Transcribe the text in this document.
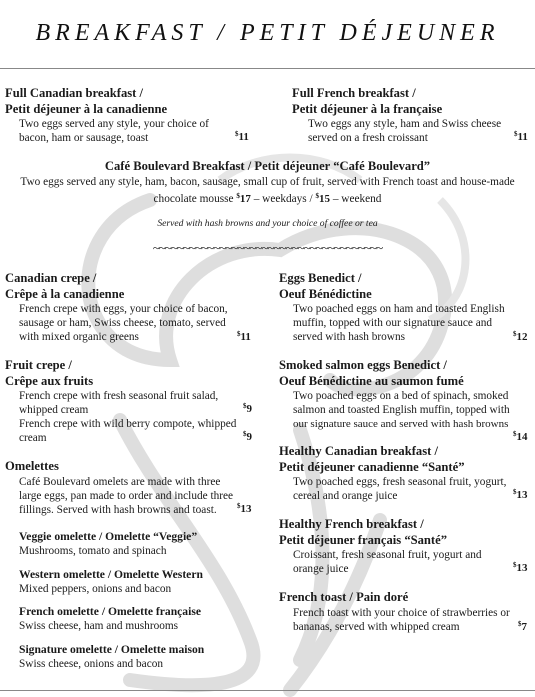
BREAKFAST / PETIT DÉJEUNER
Full Canadian breakfast /
Petit déjeuner à la canadienne
Two eggs served any style, your choice of
bacon, ham or sausage, toast	$11
Full French breakfast /
Petit déjeuner à la française
Two eggs any style, ham and Swiss cheese
served on a fresh croissant	$11
Café Boulevard Breakfast / Petit déjeuner “Café Boulevard”
Two eggs served any style, ham, bacon, sausage, small cup of fruit, served with French toast and house-made
chocolate mousse $17 – weekdays / $15 – weekend
Served with hash browns and your choice of coffee or tea
~~~~~~~~~~~~~~~~~~~~~~~~~~~~~~~~~~~~~~
Canadian crepe /
Crêpe à la canadienne
French crepe with eggs, your choice of bacon,
sausage or ham, Swiss cheese, tomato, served
with mixed organic greens	$11
Fruit crepe /
Crêpe aux fruits
French crepe with fresh seasonal fruit salad,
whipped cream
French crepe with wild berry compote, whipped
cream
$9
$9
Omelettes
Café Boulevard omelets are made with three
large eggs, pan made to order and include three
fillings. Served with hash browns and toast.	$13
Veggie omelette / Omelette “Veggie”
Mushrooms, tomato and spinach
Western omelette / Omelette Western
Mixed peppers, onions and bacon
French omelette / Omelette française
Swiss cheese, ham and mushrooms
Signature omelette / Omelette maison
Swiss cheese, onions and bacon
Eggs Benedict /
Oeuf Bénédictine
Two poached eggs on ham and toasted English
muffin, topped with our signature sauce and
served with hash browns	$12
Smoked salmon eggs Benedict /
Oeuf Bénédictine au saumon fumé
Two poached eggs on a bed of spinach, smoked
salmon and toasted English muffin, topped with
our signature sauce and served with hash browns
$14
Healthy Canadian breakfast /
Petit déjeuner canadienne “Santé”
Two poached eggs, fresh seasonal fruit, yogurt,
cereal and orange juice	$13
Healthy French breakfast /
Petit déjeuner français “Santé”
Croissant, fresh seasonal fruit, yogurt and
orange juice	$13
French toast / Pain doré
French toast with your choice of strawberries or
bananas, served with whipped cream	$7
